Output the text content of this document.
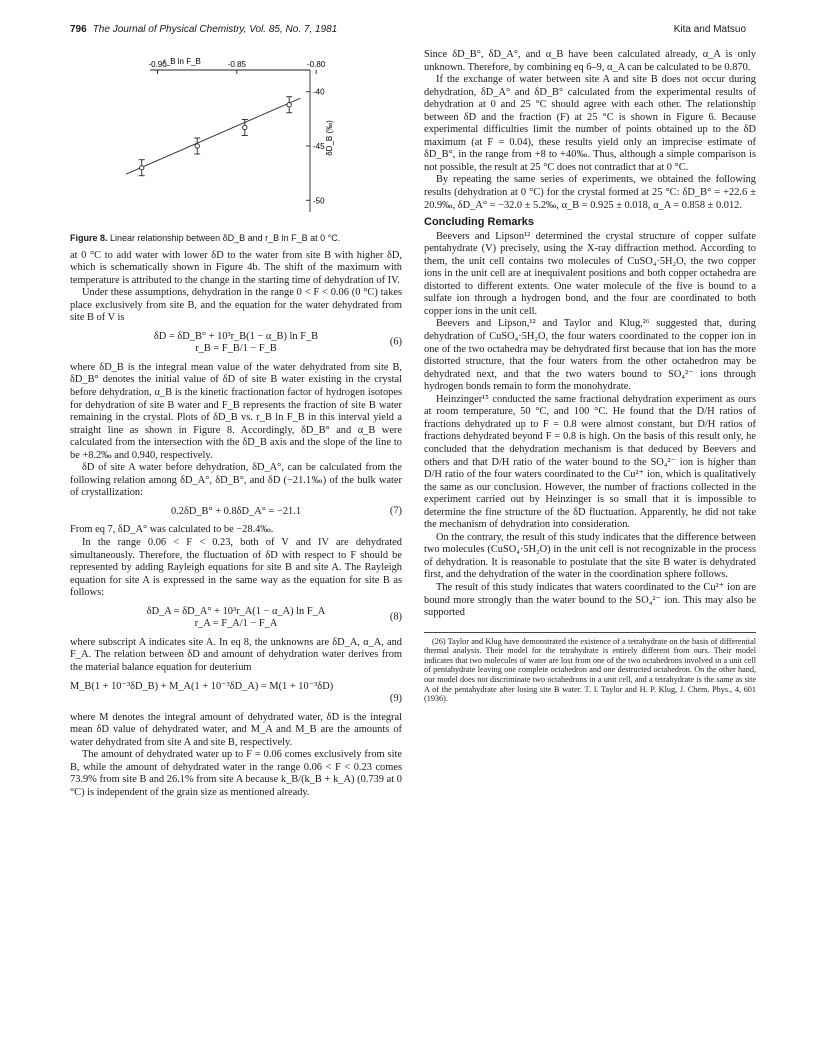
796 The Journal of Physical Chemistry, Vol. 85, No. 7, 1981	Kita and Matsuo
r_B ln F_B
-0.90	-0.85	-0.80
-40
-45
-50
δD_B (‰)
Figure 8. Linear relationship between δD_B and r_B ln F_B at 0 °C.

at 0 °C to add water with lower δD to the water from site B with higher δD, which is schematically shown in Figure 4b. The shift of the maximum with temperature is attributed to the change in the starting time of dehydration of IV.

Under these assumptions, dehydration in the range 0 < F < 0.06 (0 °C) takes place exclusively from site B, and the equation for the water dehydrated from site B of V is

δD = δD_B° + 10³r_B(1 − α_B) ln F_B
r_B = F_B/1 − F_B
(6)

where δD_B is the integral mean value of the water dehydrated from site B, δD_B° denotes the initial value of δD of site B water existing in the crystal before dehydration, α_B is the kinetic fractionation factor of hydrogen isotopes for dehydration of site B water and F_B represents the fraction of site B water remaining in the crystal. Plots of δD_B vs. r_B ln F_B in this interval yield a straight line as shown in Figure 8. Accordingly, δD_B° and α_B were calculated from the intersection with the δD_B axis and the slope of the line to be +8.2‰ and 0.940, respectively.

δD of site A water before dehydration, δD_A°, can be calculated from the following relation among δD_A°, δD_B°, and δD (−21.1‰) of the bulk water of crystallization:

0.2δD_B° + 0.8δD_A° = −21.1	(7)

From eq 7, δD_A° was calculated to be −28.4‰.

In the range 0.06 < F < 0.23, both of V and IV are dehydrated simultaneously. Therefore, the fluctuation of δD with respect to F should be represented by adding Rayleigh equations for site B and site A. The Rayleigh equation for site A is expressed in the same way as the equation for site B as follows:

δD_A = δD_A° + 10³r_A(1 − α_A) ln F_A
r_A = F_A/1 − F_A
(8)

where subscript A indicates site A. In eq 8, the unknowns are δD_A, α_A, and F_A. The relation between δD and amount of dehydration water derives from the material balance equation for deuterium

M_B(1 + 10⁻³δD_B) + M_A(1 + 10⁻³δD_A) = M(1 + 10⁻³δD)
(9)

where M denotes the integral amount of dehydrated water, δD is the integral mean δD value of dehydrated water, and M_A and M_B are the amounts of water dehydrated from site A and site B, respectively.

The amount of dehydrated water up to F = 0.06 comes exclusively from site B, while the amount of dehydrated water in the range 0.06 < F < 0.23 comes 73.9% from site B and 26.1% from site A because k_B/(k_B + k_A) (0.739 at 0 °C) is independent of the grain size as mentioned already.

Since δD_B°, δD_A°, and α_B have been calculated already, α_A is only unknown. Therefore, by combining eq 6–9, α_A can be calculated to be 0.870.

If the exchange of water between site A and site B does not occur during dehydration, δD_A° and δD_B° calculated from the experimental results of dehydration at 0 and 25 °C should agree with each other. The relationship between δD and the fraction (F) at 25 °C is shown in Figure 6. Because experimental difficulties limit the number of points obtained up to the δD maximum (at F = 0.04), these results yield only an imprecise estimate of δD_B°, in the range from +8 to +40‰. Thus, although a simple comparison is not possible, the result at 25 °C does not contradict that at 0 °C.

By repeating the same series of experiments, we obtained the following results (dehydration at 0 °C) for the crystal formed at 25 °C: δD_B° = +22.6 ± 20.9‰, δD_A° = −32.0 ± 5.2‰, α_B = 0.925 ± 0.018, α_A = 0.858 ± 0.012.

Concluding Remarks

Beevers and Lipson¹² determined the crystal structure of copper sulfate pentahydrate (V) precisely, using the X-ray diffraction method. According to them, the unit cell contains two molecules of CuSO₄·5H₂O, the two copper ions in the unit cell are at inequivalent positions and both copper octahedra are distorted to different extents. One water molecule of the five is bound to a sulfate ion through a hydrogen bond, and the four are coordinated to both copper ions in the unit cell.

Beevers and Lipson,¹² and Taylor and Klug,²⁶ suggested that, during dehydration of CuSO₄·5H₂O, the four waters coordinated to the copper ion in one of the two octahedra may be dehydrated first because that ion has the more distorted structure, that the four waters from the other octahedron may be dehydrated next, and that the two waters bound to SO₄²⁻ ions through hydrogen bonds remain to form the monohydrate.

Heinzinger¹⁵ conducted the same fractional dehydration experiment as ours at room temperature, 50 °C, and 100 °C. He found that the D/H ratios of fractions dehydrated up to F = 0.8 were almost constant, but D/H ratios of fractions dehydrated beyond F = 0.8 is high. On the basis of this result only, he concluded that the dehydration mechanism is that deduced by Beevers and others and that D/H ratio of the water bound to the SO₄²⁻ ion is higher than D/H ratio of the four waters coordinated to the Cu²⁺ ion, which is qualitatively the same as our conclusion. However, the number of fractions collected in the experiment carried out by Heinzinger is so small that it is impossible to determine the fine structure of the δD fluctuation. Apparently, he did not take the mechanism of dehydration into consideration.

On the contrary, the result of this study indicates that the difference between two molecules (CuSO₄·5H₂O) in the unit cell is not recognizable in the process of dehydration. It is reasonable to postulate that the site B water is dehydrated first, and the dehydration of the water in the coordination sphere follows.

The result of this study indicates that waters coordinated to the Cu²⁺ ion are bound more strongly than the water bound to the SO₄²⁻ ion. This may also be supported

(26) Taylor and Klug have demonstrated the existence of a tetrahydrate on the basis of differential thermal analysis. Their model for the tetrahydrate is entirely different from ours. Their model indicates that two molecules of water are lost from one of the two octahedrons involved in a unit cell of pentahydrate leaving one complete octahedron and one destructed octahedron. On the other hand, our model does not discriminate two octahedrons in a unit cell, and a tetrahydrate is the same as site A of the pentahydrate after losing site B water. T. I. Taylor and H. P. Klug, J. Chem. Phys., 4, 601 (1936).
